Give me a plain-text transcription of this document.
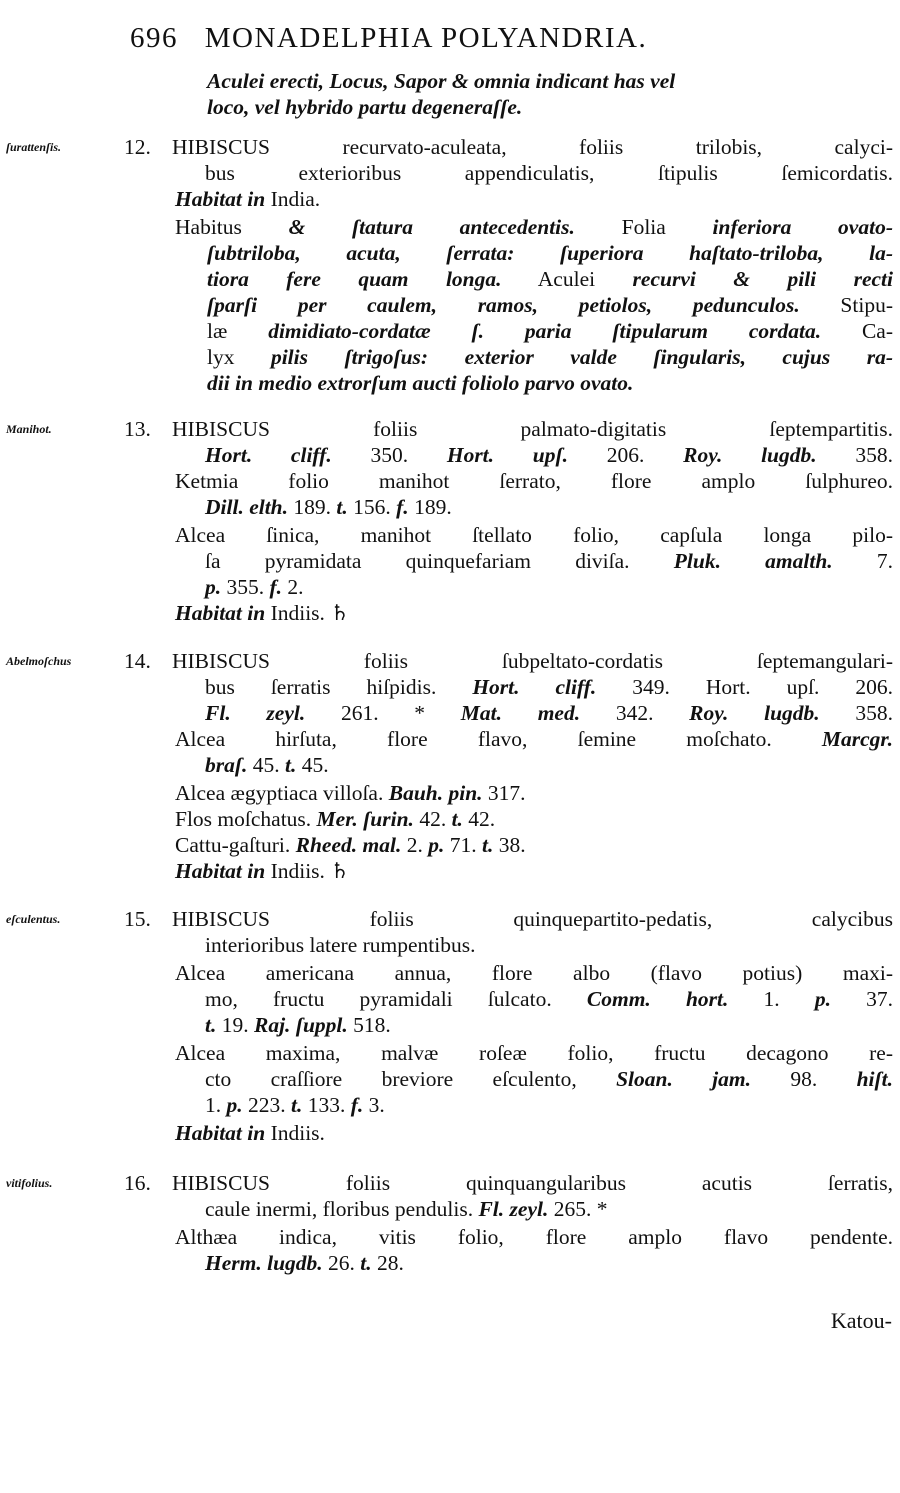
696 MONADELPHIA POLYANDRIA.
Aculei erecti, Locus, Sapor & omnia indicant has vel
loco, vel hybrido partu degeneraſſe.
HIBISCUS recurvato-aculeata, foliis trilobis, calyci-
bus exterioribus appendiculatis, ſtipulis ſemicordatis.
Habitat in India.
Habitus & ſtatura antecedentis. Folia inferiora ovato-
ſubtriloba, acuta, ſerrata: ſuperiora haſtato-triloba, la-
tiora fere quam longa. Aculei recurvi & pili recti
ſparſi per caulem, ramos, petiolos, pedunculos. Stipu-
læ dimidiato-cordatæ ſ. paria ſtipularum cordata. Ca-
lyx pilis ſtrigoſus: exterior valde ſingularis, cujus ra-
dii in medio extrorſum aucti foliolo parvo ovato.
HIBISCUS foliis palmato-digitatis ſeptempartitis.
Hort. cliff. 350. Hort. upſ. 206. Roy. lugdb. 358.
Ketmia folio manihot ſerrato, flore amplo ſulphureo.
Dill. elth. 189. t. 156. f. 189.
Alcea ſinica, manihot ſtellato folio, capſula longa pilo-
ſa pyramidata quinquefariam diviſa. Pluk. amalth. 7.
p. 355. f. 2.
Habitat in Indiis. ♄
HIBISCUS foliis ſubpeltato-cordatis ſeptemangulari-
bus ſerratis hiſpidis. Hort. cliff. 349. Hort. upſ. 206.
Fl. zeyl. 261. * Mat. med. 342. Roy. lugdb. 358.
Alcea hirſuta, flore flavo, ſemine moſchato. Marcgr.
braſ. 45. t. 45.
Alcea ægyptiaca villoſa. Bauh. pin. 317.
Flos moſchatus. Mer. ſurin. 42. t. 42.
Cattu-gaſturi. Rheed. mal. 2. p. 71. t. 38.
Habitat in Indiis. ♄
HIBISCUS foliis quinquepartito-pedatis, calycibus
interioribus latere rumpentibus.
Alcea americana annua, flore albo (flavo potius) maxi-
mo, fructu pyramidali ſulcato. Comm. hort. 1. p. 37.
t. 19. Raj. ſuppl. 518.
Alcea maxima, malvæ roſeæ folio, fructu decagono re-
cto craſſiore breviore eſculento, Sloan. jam. 98. hiſt.
1. p. 223. t. 133. f. 3.
Habitat in Indiis.
HIBISCUS foliis quinquangularibus acutis ſerratis,
caule inermi, floribus pendulis. Fl. zeyl. 265. *
Althæa indica, vitis folio, flore amplo flavo pendente.
Herm. lugdb. 26. t. 28.
ſurattenſis.	12.
Manihot.	13.
Abelmoſchus 14.
eſculentus.	15.
vitifolius.	16.
Katou-
